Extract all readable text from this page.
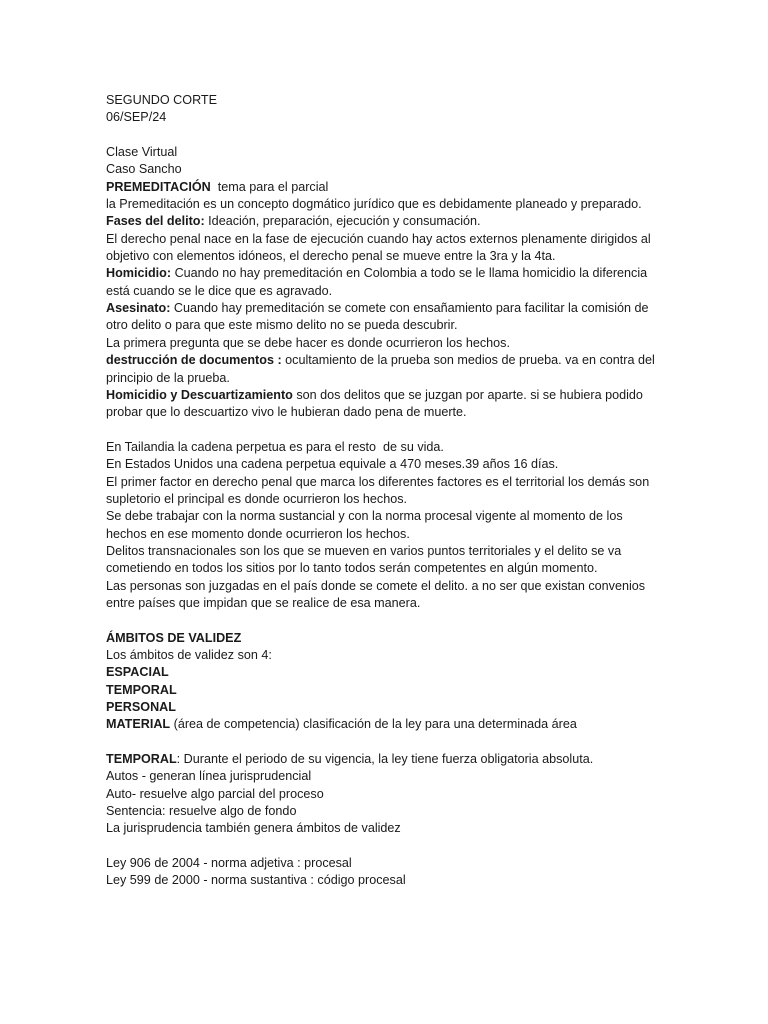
SEGUNDO CORTE
06/SEP/24
Clase Virtual
Caso Sancho
PREMEDITACIÓN  tema para el parcial
la Premeditación es un concepto dogmático jurídico que es debidamente planeado y preparado.
Fases del delito: Ideación, preparación, ejecución y consumación.
El derecho penal nace en la fase de ejecución cuando hay actos externos plenamente dirigidos al
objetivo con elementos idóneos, el derecho penal se mueve entre la 3ra y la 4ta.
Homicidio: Cuando no hay premeditación en Colombia a todo se le llama homicidio la diferencia
está cuando se le dice que es agravado.
Asesinato: Cuando hay premeditación se comete con ensañamiento para facilitar la comisión de
otro delito o para que este mismo delito no se pueda descubrir.
La primera pregunta que se debe hacer es donde ocurrieron los hechos.
destrucción de documentos : ocultamiento de la prueba son medios de prueba. va en contra del
principio de la prueba.
Homicidio y Descuartizamiento son dos delitos que se juzgan por aparte. si se hubiera podido
probar que lo descuartizo vivo le hubieran dado pena de muerte.
En Tailandia la cadena perpetua es para el resto  de su vida.
En Estados Unidos una cadena perpetua equivale a 470 meses.39 años 16 días.
El primer factor en derecho penal que marca los diferentes factores es el territorial los demás son
supletorio el principal es donde ocurrieron los hechos.
Se debe trabajar con la norma sustancial y con la norma procesal vigente al momento de los
hechos en ese momento donde ocurrieron los hechos.
Delitos transnacionales son los que se mueven en varios puntos territoriales y el delito se va
cometiendo en todos los sitios por lo tanto todos serán competentes en algún momento.
Las personas son juzgadas en el país donde se comete el delito. a no ser que existan convenios
entre países que impidan que se realice de esa manera.
ÁMBITOS DE VALIDEZ
Los ámbitos de validez son 4:
ESPACIAL
TEMPORAL
PERSONAL
MATERIAL (área de competencia) clasificación de la ley para una determinada área
TEMPORAL: Durante el periodo de su vigencia, la ley tiene fuerza obligatoria absoluta.
Autos - generan línea jurisprudencial
Auto- resuelve algo parcial del proceso
Sentencia: resuelve algo de fondo
La jurisprudencia también genera ámbitos de validez
Ley 906 de 2004 - norma adjetiva : procesal
Ley 599 de 2000 - norma sustantiva : código procesal
